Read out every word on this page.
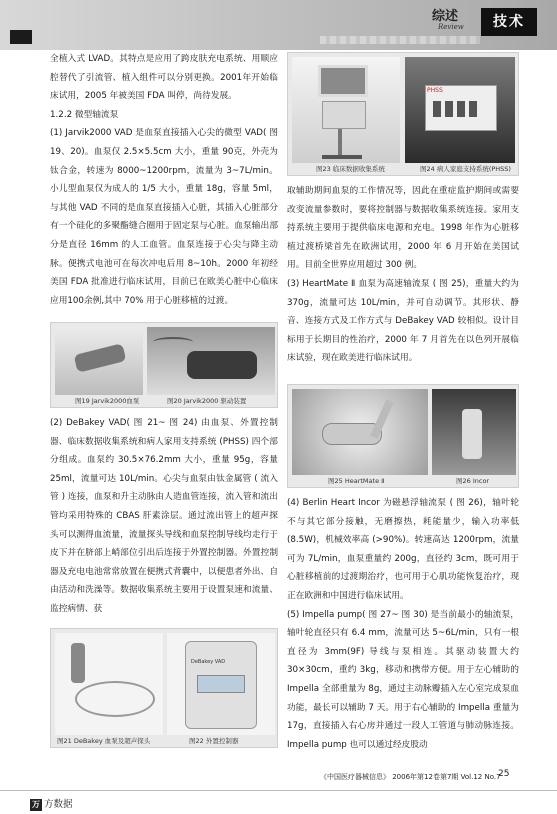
综述
Review	技术

全植入式 LVAD。其特点是应用了跨皮肤充电系统、用顺应腔替代了引流管、植入组件可以分别更换。2001年开始临床试用，2005 年被美国 FDA 叫停，尚待发展。

1.2.2 微型轴流泵

(1) Jarvik2000 VAD 是血泵直接插入心尖的微型 VAD( 图 19、20)。血泵仅 2.5×5.5cm 大小，重量 90克，外壳为钛合金，转速为 8000~1200rpm，流量为 3~7L/min。小儿型血泵仅为成人的 1/5 大小，重量 18g，容量 5ml，与其他 VAD 不同的是血泵直接插入心脏，其插入心脏部分有一个硅化的多聚酯缝合圈用于固定泵与心脏。血泵输出部分是直径 16mm 的人工血管。血泵连接于心尖与降主动脉。便携式电池可在每次冲电后用 8~10h。2000 年初经美国 FDA 批准进行临床试用，目前已在欧美心脏中心临床应用100余例,其中 70% 用于心脏移植的过渡。

PHSS
图23 临床数据收集系统	图24 病人家庭支持系统(PHSS)

取辅助期间血泵的工作情况等，因此在重症监护期间或需要改变流量参数时，要将控制器与数据收集系统连接。家用支持系统主要用于提供临床电源和充电。1998 年作为心脏移植过渡桥梁首先在欧洲试用，2000 年 6 月开始在美国试用。目前全世界应用超过 300 例。

(3) HeartMate Ⅱ 血泵为高速轴流泵 ( 图 25)，重量大约为 370g，流量可达 10L/min，并可自动调节。其形状、静音、连接方式及工作方式与 DeBakey VAD 较相似。设计目标用于长期目的性治疗，2000 年 7 月首先在以色列开展临床试验，现在欧美进行临床试用。

图19 Jarvik2000血泵	图20 Jarvik2000 驱动装置

(2) DeBakey VAD( 图 21~ 图 24) 由血泵、外置控制器、临床数据收集系统和病人家用支持系统 (PHSS) 四个部分组成。血泵约 30.5×76.2mm 大小，重量 95g，容量 25ml，流量可达 10L/min。心尖与血泵由钛金属管 ( 流入管 ) 连接，血泵和升主动脉由人造血管连接，流入管和流出管均采用特殊的 CBAS 肝素涂层。通过流出管上的超声探头可以测得血流量，流量探头导线和血泵控制导线均走行于皮下并在脐部上峭部位引出后连接于外置控制器。外置控制器及充电电池常常放置在便携式背囊中，以便患者外出、自由活动和洗澡等。数据收集系统主要用于设置泵速和流量、监控病情、获

图25 HeartMate Ⅱ	图26 Incor

(4) Berlin Heart Incor 为磁悬浮轴流泵 ( 图 26)，轴叶轮不与其它部分接触，无磨擦热，耗能量少，输入功率低 (8.5W)，机械效率高 (>90%)。转速高达 1200rpm，流量可为 7L/min，血泵重量约 200g，直径约 3cm，既可用于心脏移植前的过渡期治疗，也可用于心肌功能恢复治疗，现正在欧洲和中国进行临床试用。

(5) Impella pump( 图 27~ 图 30) 是当前最小的轴流泵，轴叶轮直径只有 6.4 mm，流量可达 5~6L/min，只有一根直径为 3mm(9F) 导线与泵相连。其驱动装置大约 30×30cm，重约 3kg，移动和携带方便。用于左心辅助的 Impella 全部重量为 8g，通过主动脉瓣插入左心室完成泵血功能，最长可以辅助 7 天。用于右心辅助的 Impella 重量为 17g，直接插入右心房并通过一段人工管道与肺动脉连接。Impella pump 也可以通过经皮股动

DeBakey VAD
图21 DeBakey 血泵及超声探头	图22 外置控制器
《中国医疗器械信息》 2006年第12卷第7期 Vol.12 No.7
25
万 方数据
